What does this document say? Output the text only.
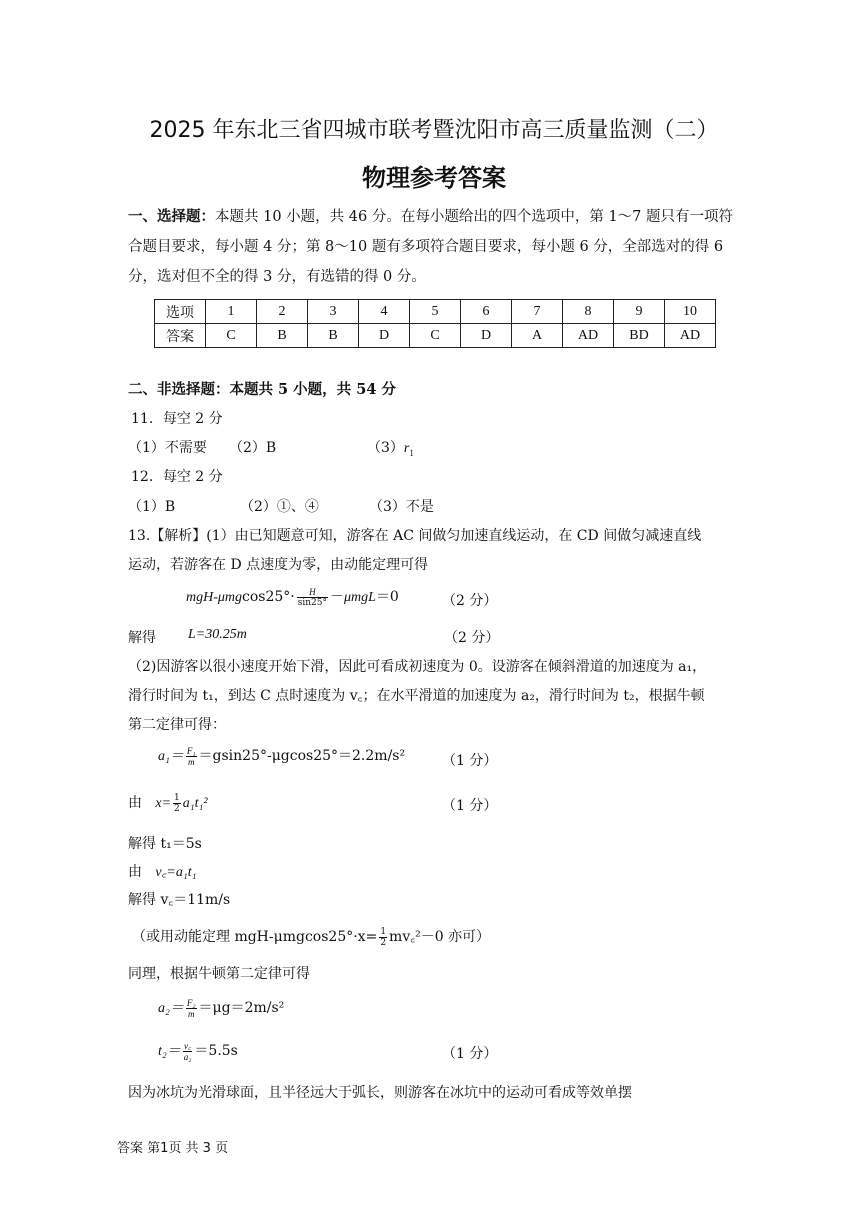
2025 年东北三省四城市联考暨沈阳市高三质量监测（二）
物理参考答案
一、选择题：本题共 10 小题，共 46 分。在每小题给出的四个选项中，第 1～7 题只有一项符合题目要求，每小题 4 分；第 8～10 题有多项符合题目要求，每小题 6 分，全部选对的得 6 分，选对但不全的得 3 分，有选错的得 0 分。
选项	1	2	3	4	5	6	7	8	9	10
答案	C	B	B	D	C	D	A	AD	BD	AD
二、非选择题：本题共 5 小题，共 54 分
11．每空 2 分
（1）不需要 （2）B	$(3)r_1$
12．每空 2 分
（1）B	（2）①、④	（3）不是
13.【解析】(1）由已知题意可知，游客在 AC 间做匀加速直线运动，在 CD 间做匀减速直线
运动，若游客在 D 点速度为零，由动能定理可得
$mgH-\mu mgcos25^\circ\cdot \frac{H}{\sin 25^\circ} -\mu mgL=0$	（2 分）
解得 L=30.25m	（2 分）
（2)因游客以很小速度开始下滑，因此可看成初速度为 0。设游客在倾斜滑道的加速度为 a₁，
滑行时间为 t₁，到达 C 点时速度为 v꜀；在水平滑道的加速度为 a₂，滑行时间为 t₂，根据牛顿
第二定律可得：
$a_1= \frac{\text{F₁}}{m} =gsin25^\circ-\mu gcos25^\circ=2.2m/s^2$	（1 分）
由 $x= \frac{1}{2} a_1t_1^2$	（1 分）
解得 t₁＝5s
由 v꜀=a₁t₁
解得 v꜀＝11m/s
（或用动能定理 $mgH-\mu mgcos25^\circ\cdot x= \frac{1}{2}$ mv꜀²－0 亦可）
同理，根据牛顿第二定律可得
$a_2= \frac{\text{F₂}}{m} =\mu g=2m/s^2$
$t_2= \frac{v꜀}{\text{a₂}} =5.5s$	（1 分）
因为冰坑为光滑球面，且半径远大于弧长，则游客在冰坑中的运动可看成等效单摆
答案 第1页 共 3 页
